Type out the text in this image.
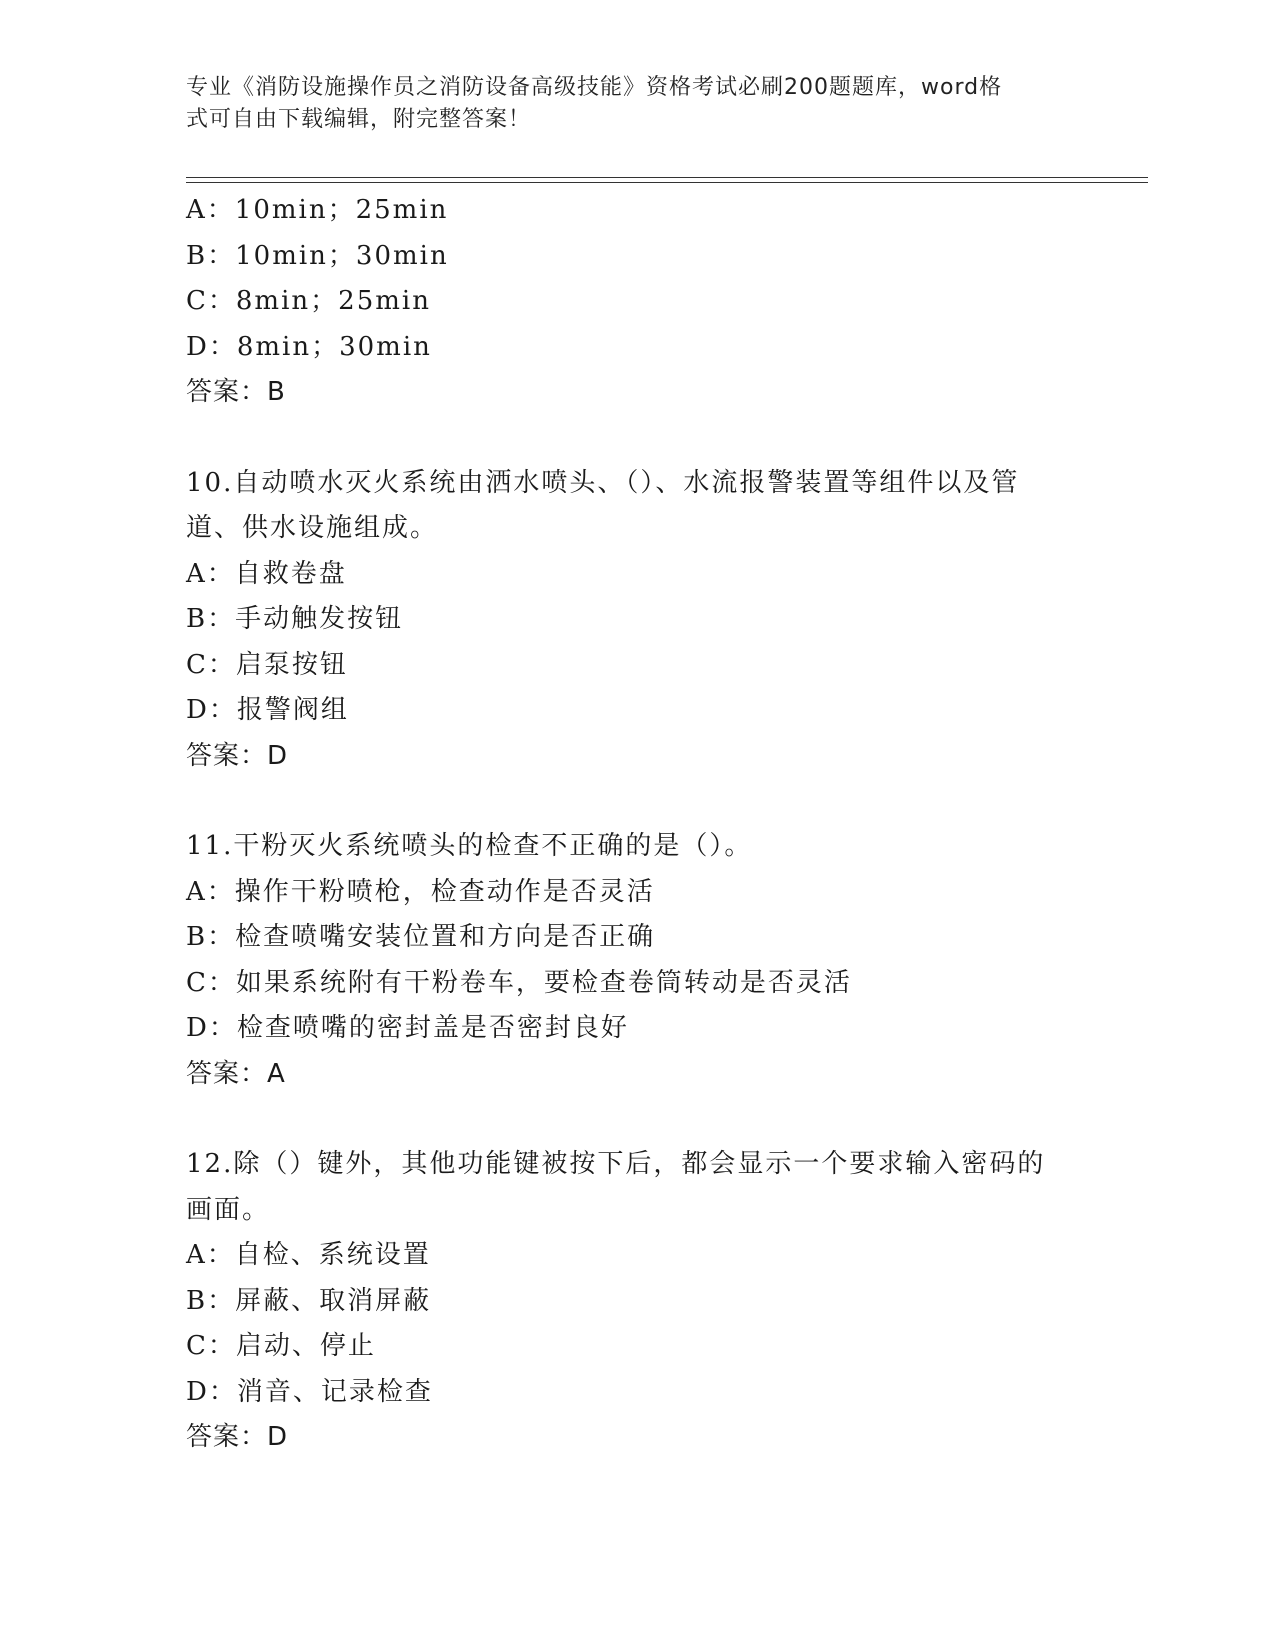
专业《消防设施操作员之消防设备高级技能》资格考试必刷200题题库，word格
式可自由下载编辑，附完整答案！
A：10min；25min
B：10min；30min
C：8min；25min
D：8min；30min
答案：B
10.自动喷水灭火系统由洒水喷头、（）、水流报警装置等组件以及管
道、供水设施组成。
A：自救卷盘
B：手动触发按钮
C：启泵按钮
D：报警阀组
答案：D
11.干粉灭火系统喷头的检查不正确的是（）。
A：操作干粉喷枪，检查动作是否灵活
B：检查喷嘴安装位置和方向是否正确
C：如果系统附有干粉卷车，要检查卷筒转动是否灵活
D：检查喷嘴的密封盖是否密封良好
答案：A
12.除（）键外，其他功能键被按下后，都会显示一个要求输入密码的
画面。
A：自检、系统设置
B：屏蔽、取消屏蔽
C：启动、停止
D：消音、记录检查
答案：D
